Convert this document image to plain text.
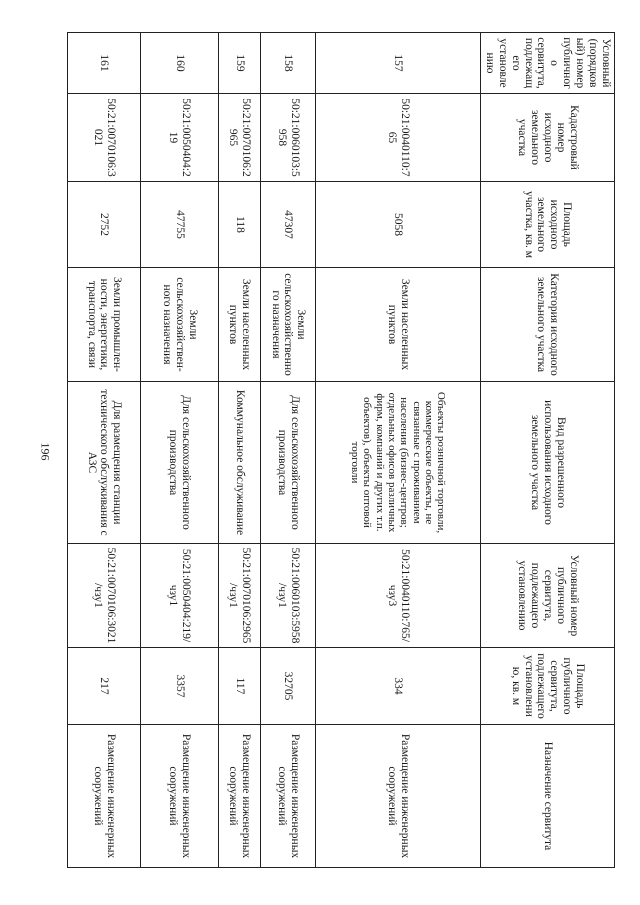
196
Условный (порядковый) номер публичного сервитута, подлежащего установлению	Кадастровый номер исходного земельного участка	Площадь исходного земельного участка, кв. м	Категория исходного земельного участка	Вид разрешенного использования исходного земельного участка	Условный номер публичного сервитута, подлежащего установлению	Площадь публичного сервитута, подлежащего установлению, кв. м	Назначение сервитута
157	50:21:0040110:765	5058	Земли населенных пунктов	Объекты розничной торговли, коммерческие объекты, не связанные с проживанием населения (бизнес-центров; отдельных офисов различных фирм, компаний и других т.п. объектов), объекты оптовой торговли	50:21:0040110:765/чзу3	334	Размещение инженерных сооружений
158	50:21:0060103:5958	47307	Земли сельскохозяйственно го назначения	Для сельскохозяйственного производства	50:21:0060103:5958/чзу1	32705	Размещение инженерных сооружений
159	50:21:0070106:2965	118	Земли населенных пунктов	Коммунальное обслуживание	50:21:0070106:2965/чзу1	117	Размещение инженерных сооружений
160	50:21:0050404:219	47755	Земли сельскохозяйствен-ного назначения	Для сельскохозяйственного производства	50:21:0050404:219/чзу1	3357	Размещение инженерных сооружений
161	50:21:0070106:3021	2752	Земли промышлен-ности, энергетики, транспорта, связи	Для размещения станции технического обслуживания с АЗС	50:21:0070106:3021/чзу1	217	Размещение инженерных сооружений
